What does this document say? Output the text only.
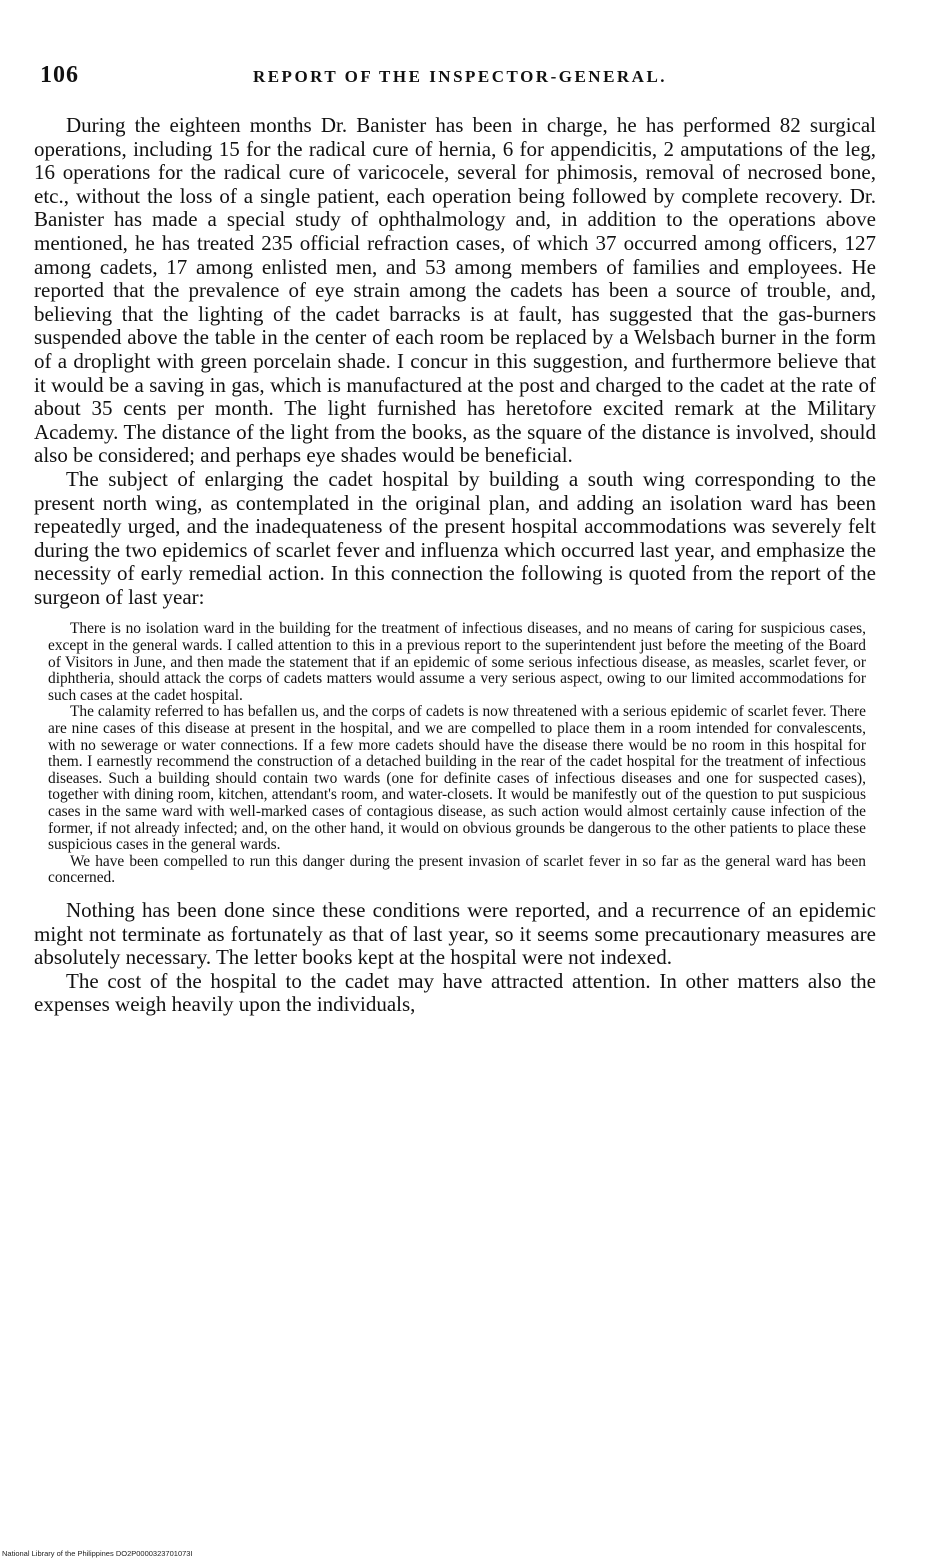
106	REPORT OF THE INSPECTOR-GENERAL.

During the eighteen months Dr. Banister has been in charge, he has performed 82 surgical operations, including 15 for the radical cure of hernia, 6 for appendicitis, 2 amputations of the leg, 16 operations for the radical cure of varicocele, several for phimosis, removal of necrosed bone, etc., without the loss of a single patient, each operation being followed by complete recovery. Dr. Banister has made a special study of ophthalmology and, in addition to the operations above mentioned, he has treated 235 official refraction cases, of which 37 occurred among officers, 127 among cadets, 17 among enlisted men, and 53 among members of families and employees. He reported that the prevalence of eye strain among the cadets has been a source of trouble, and, believing that the lighting of the cadet barracks is at fault, has suggested that the gas-burners suspended above the table in the center of each room be replaced by a Welsbach burner in the form of a droplight with green porcelain shade. I concur in this suggestion, and furthermore believe that it would be a saving in gas, which is manufactured at the post and charged to the cadet at the rate of about 35 cents per month. The light furnished has heretofore excited remark at the Military Academy. The distance of the light from the books, as the square of the distance is involved, should also be considered; and perhaps eye shades would be beneficial.

The subject of enlarging the cadet hospital by building a south wing corresponding to the present north wing, as contemplated in the original plan, and adding an isolation ward has been repeatedly urged, and the inadequateness of the present hospital accommodations was severely felt during the two epidemics of scarlet fever and influenza which occurred last year, and emphasize the necessity of early remedial action. In this connection the following is quoted from the report of the surgeon of last year:

There is no isolation ward in the building for the treatment of infectious diseases, and no means of caring for suspicious cases, except in the general wards. I called attention to this in a previous report to the superintendent just before the meeting of the Board of Visitors in June, and then made the statement that if an epidemic of some serious infectious disease, as measles, scarlet fever, or diphtheria, should attack the corps of cadets matters would assume a very serious aspect, owing to our limited accommodations for such cases at the cadet hospital.

The calamity referred to has befallen us, and the corps of cadets is now threatened with a serious epidemic of scarlet fever. There are nine cases of this disease at present in the hospital, and we are compelled to place them in a room intended for convalescents, with no sewerage or water connections. If a few more cadets should have the disease there would be no room in this hospital for them. I earnestly recommend the construction of a detached building in the rear of the cadet hospital for the treatment of infectious diseases. Such a building should contain two wards (one for definite cases of infectious diseases and one for suspected cases), together with dining room, kitchen, attendant's room, and water-closets. It would be manifestly out of the question to put suspicious cases in the same ward with well-marked cases of contagious disease, as such action would almost certainly cause infection of the former, if not already infected; and, on the other hand, it would on obvious grounds be dangerous to the other patients to place these suspicious cases in the general wards.

We have been compelled to run this danger during the present invasion of scarlet fever in so far as the general ward has been concerned.

Nothing has been done since these conditions were reported, and a recurrence of an epidemic might not terminate as fortunately as that of last year, so it seems some precautionary measures are absolutely necessary. The letter books kept at the hospital were not indexed.

The cost of the hospital to the cadet may have attracted attention. In other matters also the expenses weigh heavily upon the individuals,

National Library of the Philippines DO2P0000323701073I
